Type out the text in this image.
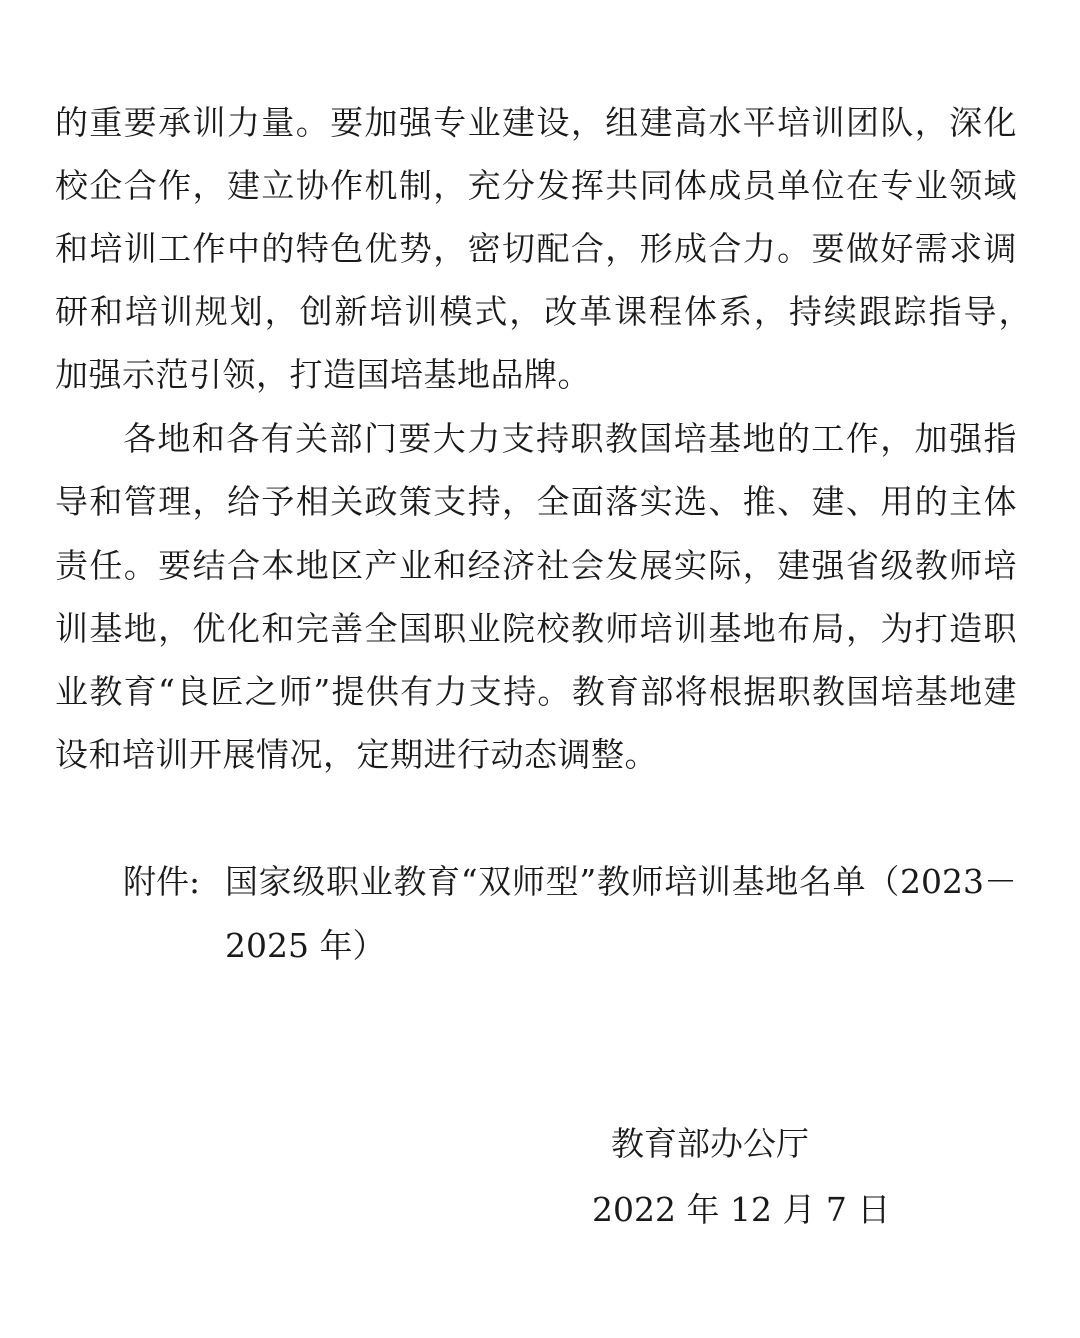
的重要承训力量。要加强专业建设，组建高水平培训团队，深化
校企合作，建立协作机制，充分发挥共同体成员单位在专业领域
和培训工作中的特色优势，密切配合，形成合力。要做好需求调
研和培训规划，创新培训模式，改革课程体系，持续跟踪指导，
加强示范引领，打造国培基地品牌。
各地和各有关部门要大力支持职教国培基地的工作，加强指
导和管理，给予相关政策支持，全面落实选、推、建、用的主体
责任。要结合本地区产业和经济社会发展实际，建强省级教师培
训基地，优化和完善全国职业院校教师培训基地布局，为打造职
业教育“良匠之师”提供有力支持。教育部将根据职教国培基地建
设和培训开展情况，定期进行动态调整。
附件: 国家级职业教育“双师型”教师培训基地名单（2023－
2025 年）
教育部办公厅
2022 年 12 月 7 日
